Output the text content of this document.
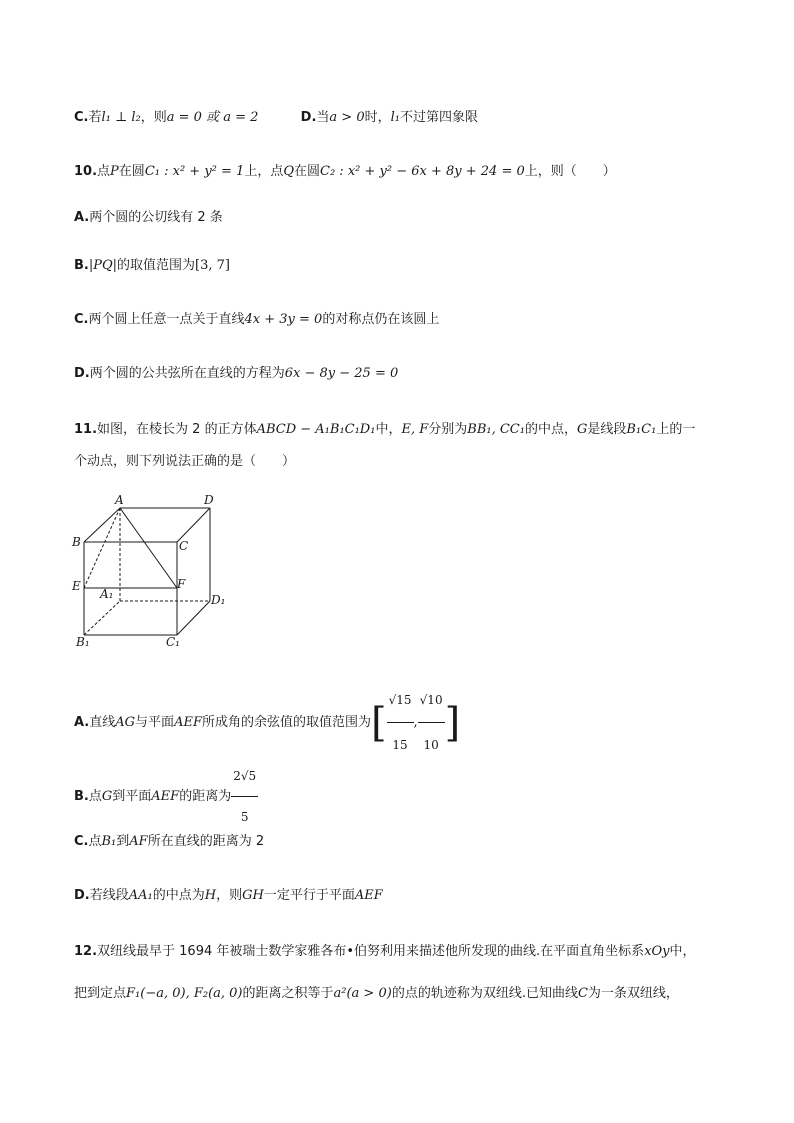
C.若l₁ ⊥ l₂，则a = 0 或 a = 2	D.当a > 0时，l₁不过第四象限
10.点P在圆C₁ : x² + y² = 1上，点Q在圆C₂ : x² + y² − 6x + 8y + 24 = 0上，则（　　）
A.两个圆的公切线有 2 条
B.|PQ|的取值范围为[3, 7]
C.两个圆上任意一点关于直线4x + 3y = 0的对称点仍在该圆上
D.两个圆的公共弦所在直线的方程为6x − 8y − 25 = 0
11.如图，在棱长为 2 的正方体ABCD − A₁B₁C₁D₁中，E, F分别为BB₁, CC₁的中点，G是线段B₁C₁上的一
个动点，则下列说法正确的是（　　）
A	D
B	C
E	F
A₁	D₁
B₁	C₁
A.直线AG与平面AEF所成角的余弦值的取值范围为[ $\frac{√15}{15}$ , $\frac{√10}{10}$ ]
B.点G到平面AEF的距离为 $\frac{2√5}{5}$
C.点B₁到AF所在直线的距离为 2
D.若线段AA₁的中点为H，则GH一定平行于平面AEF
12.双纽线最早于 1694 年被瑞士数学家雅各布•伯努利用来描述他所发现的曲线.在平面直角坐标系xOy中，
把到定点F₁(−a, 0), F₂(a, 0)的距离之积等于a²(a > 0)的点的轨迹称为双纽线.已知曲线C为一条双纽线，
